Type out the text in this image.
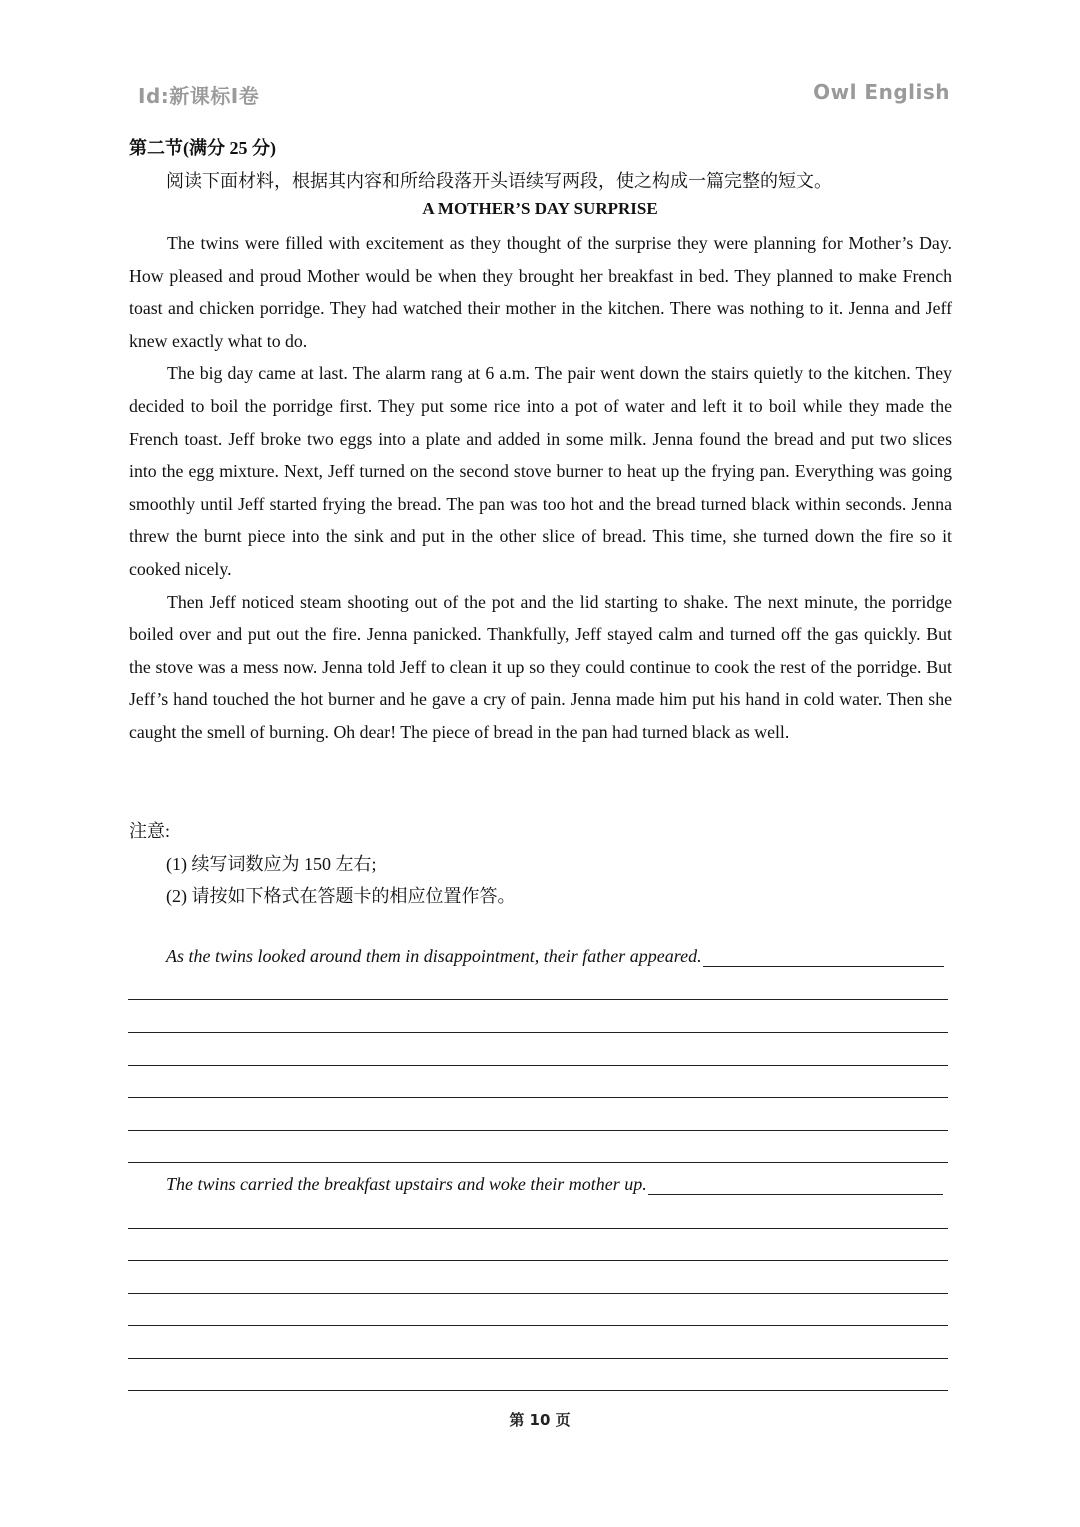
Id:新课标I卷	Owl English
第二节(满分 25 分)
阅读下面材料，根据其内容和所给段落开头语续写两段，使之构成一篇完整的短文。
A MOTHER’S DAY SURPRISE

The twins were filled with excitement as they thought of the surprise they were planning for Mother’s Day. How pleased and proud Mother would be when they brought her breakfast in bed. They planned to make French toast and chicken porridge. They had watched their mother in the kitchen. There was nothing to it. Jenna and Jeff knew exactly what to do.

The big day came at last. The alarm rang at 6 a.m. The pair went down the stairs quietly to the kitchen. They decided to boil the porridge first. They put some rice into a pot of water and left it to boil while they made the French toast. Jeff broke two eggs into a plate and added in some milk. Jenna found the bread and put two slices into the egg mixture. Next, Jeff turned on the second stove burner to heat up the frying pan. Everything was going smoothly until Jeff started frying the bread. The pan was too hot and the bread turned black within seconds. Jenna threw the burnt piece into the sink and put in the other slice of bread. This time, she turned down the fire so it cooked nicely.

Then Jeff noticed steam shooting out of the pot and the lid starting to shake. The next minute, the porridge boiled over and put out the fire. Jenna panicked. Thankfully, Jeff stayed calm and turned off the gas quickly. But the stove was a mess now. Jenna told Jeff to clean it up so they could continue to cook the rest of the porridge. But Jeff’s hand touched the hot burner and he gave a cry of pain. Jenna made him put his hand in cold water. Then she caught the smell of burning. Oh dear! The piece of bread in the pan had turned black as well.

注意:
(1) 续写词数应为 150 左右;
(2) 请按如下格式在答题卡的相应位置作答。
As the twins looked around them in disappointment, their father appeared.
The twins carried the breakfast upstairs and woke their mother up.
第 10 页
